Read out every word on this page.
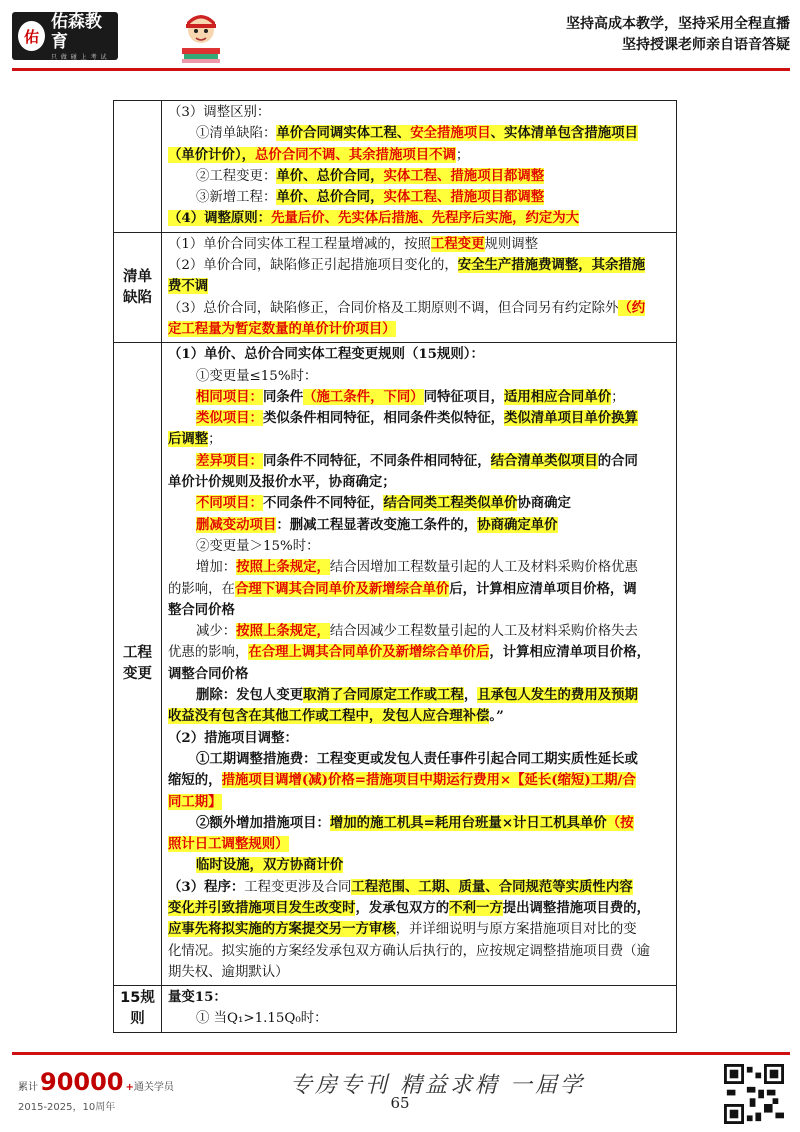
佑
佑森教育
只 做 碰 上 考 试
坚持高成本教学，坚持采用全程直播
坚持授课老师亲自语音答疑
（3）调整区别：
①清单缺陷：单价合同调实体工程、安全措施项目、实体清单包含措施项目
（单价计价），总价合同不调、其余措施项目不调；
②工程变更：单价、总价合同，实体工程、措施项目都调整
③新增工程：单价、总价合同，实体工程、措施项目都调整
（4）调整原则：先量后价、先实体后措施、先程序后实施，约定为大
清单
缺陷
（1）单价合同实体工程工程量增减的，按照工程变更规则调整
（2）单价合同，缺陷修正引起措施项目变化的，安全生产措施费调整，其余措施
费不调
（3）总价合同，缺陷修正，合同价格及工期原则不调，但合同另有约定除外（约
定工程量为暂定数量的单价计价项目）
工程
变更
（1）单价、总价合同实体工程变更规则（15规则）：
①变更量≤15%时：
相同项目：同条件（施工条件，下同）同特征项目，适用相应合同单价；
类似项目：类似条件相同特征，相同条件类似特征，类似清单项目单价换算
后调整；
差异项目：同条件不同特征，不同条件相同特征，结合清单类似项目的合同
单价计价规则及报价水平，协商确定；
不同项目：不同条件不同特征，结合同类工程类似单价协商确定
删减变动项目：删减工程显著改变施工条件的，协商确定单价
②变更量＞15%时：
增加：按照上条规定，结合因增加工程数量引起的人工及材料采购价格优惠
的影响，在合理下调其合同单价及新增综合单价后，计算相应清单项目价格，调
整合同价格
减少：按照上条规定，结合因减少工程数量引起的人工及材料采购价格失去
优惠的影响，在合理上调其合同单价及新增综合单价后，计算相应清单项目价格，
调整合同价格
删除：发包人变更取消了合同原定工作或工程，且承包人发生的费用及预期
收益没有包含在其他工作或工程中，发包人应合理补偿。”
（2）措施项目调整：
①工期调整措施费：工程变更或发包人责任事件引起合同工期实质性延长或
缩短的，措施项目调增(减)价格=措施项目中期运行费用×【延长(缩短)工期/合
同工期】
②额外增加措施项目：增加的施工机具=耗用台班量×计日工机具单价（按
照计日工调整规则）
临时设施，双方协商计价
（3）程序：工程变更涉及合同工程范围、工期、质量、合同规范等实质性内容
变化并引致措施项目发生改变时，发承包双方的不利一方提出调整措施项目费的，
应事先将拟实施的方案提交另一方审核，并详细说明与原方案措施项目对比的变
化情况。拟实施的方案经发承包双方确认后执行的，应按规定调整措施项目费（逾
期失权、逾期默认）
15规
则
量变15：
① 当Q₁>1.15Q₀时：
累计 90000 + 通关学员
2015-2025，10周年
专房专刊 精益求精 一届学
65
